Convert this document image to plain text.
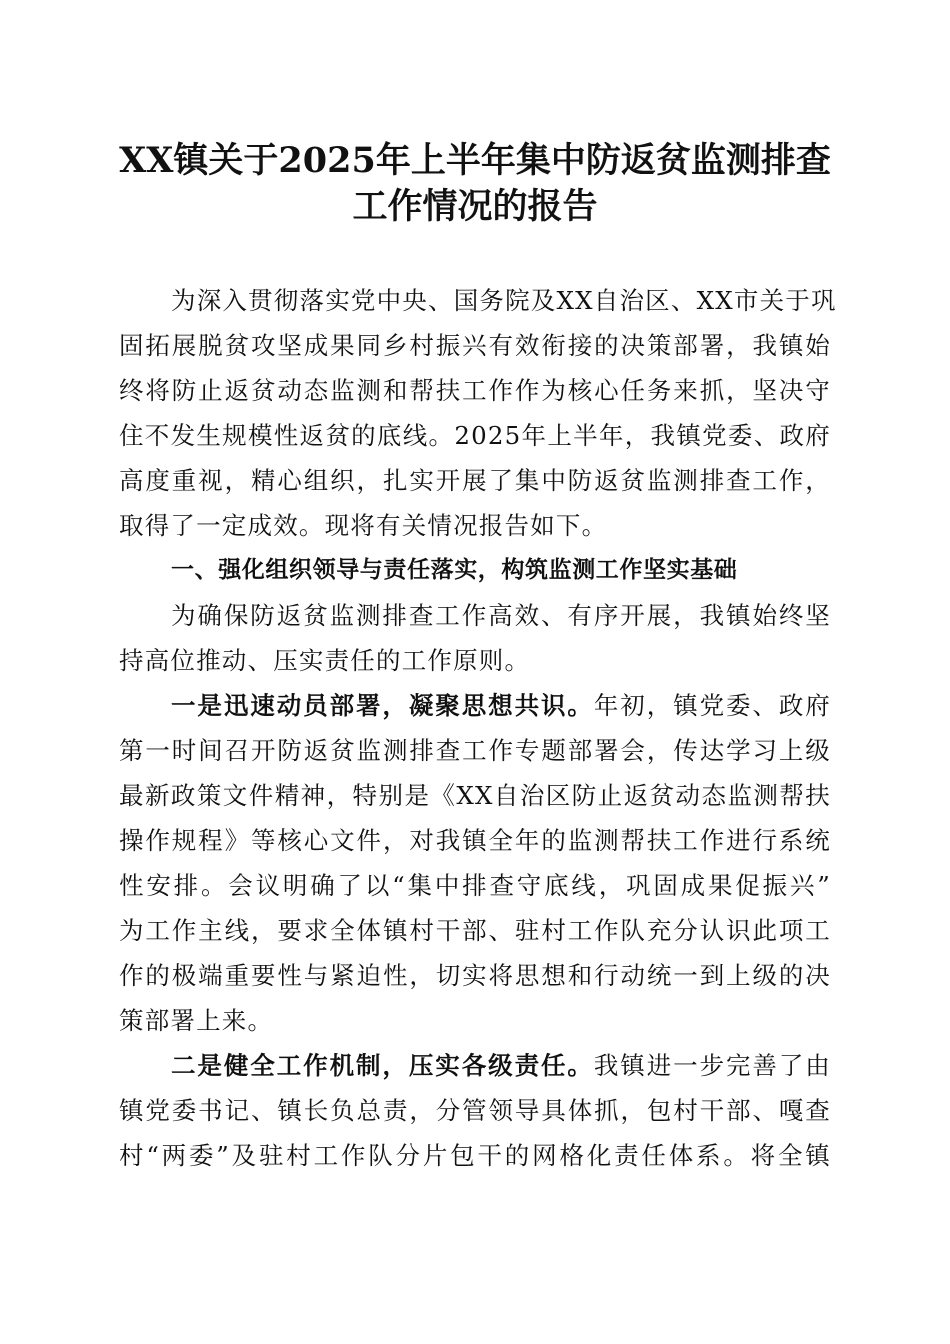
XX镇关于2025年上半年集中防返贫监测排查
工作情况的报告
为深入贯彻落实党中央、国务院及XX自治区、XX市关于巩
固拓展脱贫攻坚成果同乡村振兴有效衔接的决策部署，我镇始
终将防止返贫动态监测和帮扶工作作为核心任务来抓，坚决守
住不发生规模性返贫的底线。2025年上半年，我镇党委、政府
高度重视，精心组织，扎实开展了集中防返贫监测排查工作，
取得了一定成效。现将有关情况报告如下。
一、强化组织领导与责任落实，构筑监测工作坚实基础
为确保防返贫监测排查工作高效、有序开展，我镇始终坚
持高位推动、压实责任的工作原则。
一是迅速动员部署，凝聚思想共识。年初，镇党委、政府
第一时间召开防返贫监测排查工作专题部署会，传达学习上级
最新政策文件精神，特别是《XX自治区防止返贫动态监测帮扶
操作规程》等核心文件，对我镇全年的监测帮扶工作进行系统
性安排。会议明确了以“集中排查守底线，巩固成果促振兴”
为工作主线，要求全体镇村干部、驻村工作队充分认识此项工
作的极端重要性与紧迫性，切实将思想和行动统一到上级的决
策部署上来。
二是健全工作机制，压实各级责任。我镇进一步完善了由
镇党委书记、镇长负总责，分管领导具体抓，包村干部、嘎查
村“两委”及驻村工作队分片包干的网格化责任体系。将全镇
